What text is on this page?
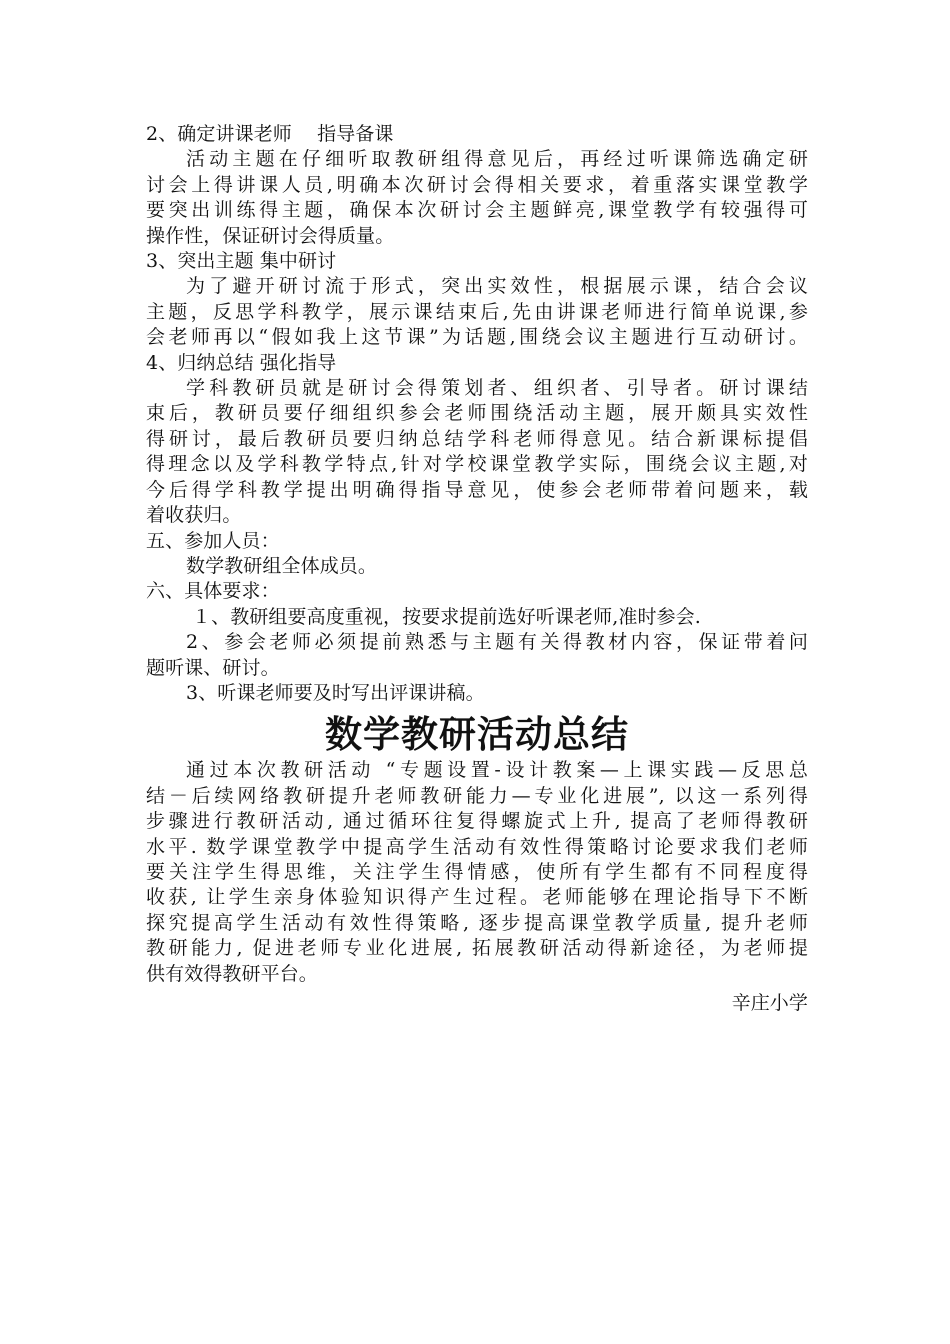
2、确定讲课老师　 指导备课

活动主题在仔细听取教研组得意见后，再经过听课筛选确定研

讨会上得讲课人员,明确本次研讨会得相关要求，着重落实课堂教学

要突出训练得主题，确保本次研讨会主题鲜亮,课堂教学有较强得可

操作性，保证研讨会得质量。

3、突出主题 集中研讨

为了避开研讨流于形式，突出实效性，根据展示课，结合会议

主题，反思学科教学，展示课结束后,先由讲课老师进行简单说课,参

会老师再以“假如我上这节课”为话题,围绕会议主题进行互动研讨。

4、归纳总结 强化指导

学科教研员就是研讨会得策划者、组织者、引导者。研讨课结

束后，教研员要仔细组织参会老师围绕活动主题，展开颇具实效性

得研讨，最后教研员要归纳总结学科老师得意见。结合新课标提倡

得理念以及学科教学特点,针对学校课堂教学实际，围绕会议主题,对

今后得学科教学提出明确得指导意见，使参会老师带着问题来，载

着收获归。

五、参加人员：

数学教研组全体成员。

六、具体要求：

１、教研组要高度重视，按要求提前选好听课老师,准时参会.

2、参会老师必须提前熟悉与主题有关得教材内容，保证带着问

题听课、研讨。

3、听课老师要及时写出评课讲稿。

数学教研活动总结

通过本次教研活动 “专题设置-设计教案—上课实践—反思总

结－后续网络教研提升老师教研能力—专业化进展”, 以这一系列得

步骤进行教研活动, 通过循环往复得螺旋式上升, 提高了老师得教研

水平. 数学课堂教学中提高学生活动有效性得策略讨论要求我们老师

要关注学生得思维，关注学生得情感，使所有学生都有不同程度得

收获, 让学生亲身体验知识得产生过程。老师能够在理论指导下不断

探究提高学生活动有效性得策略, 逐步提高课堂教学质量, 提升老师

教研能力, 促进老师专业化进展, 拓展教研活动得新途径，为老师提

供有效得教研平台。

辛庄小学
